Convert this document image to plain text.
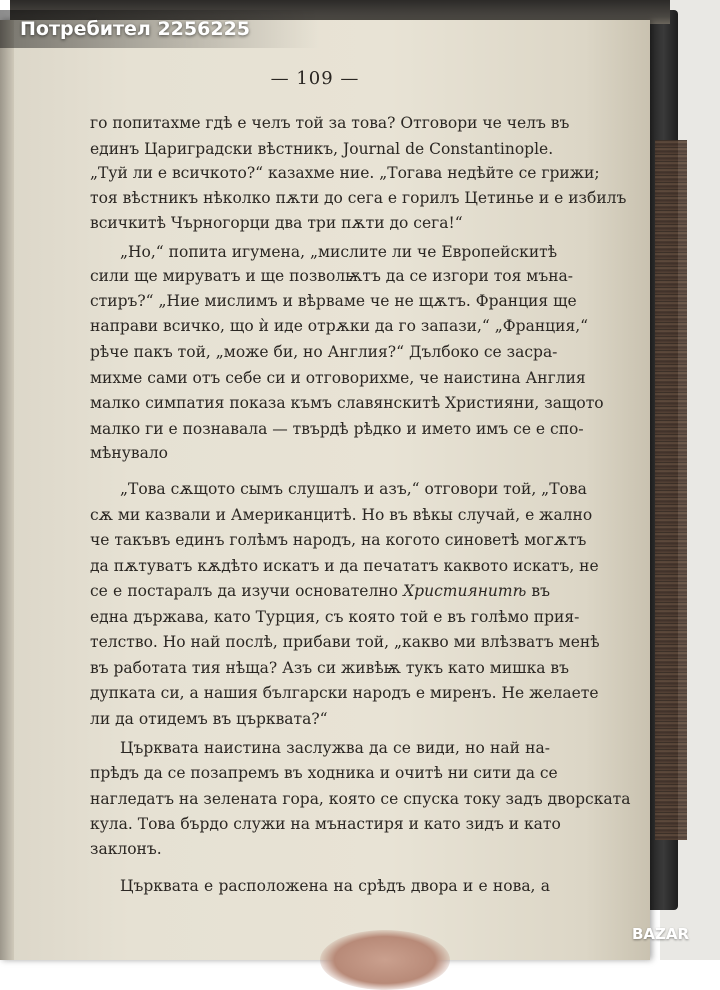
Потребител 2256225
— 109 —
го попитахме гдѣ е челъ той за това? Отговори че челъ въ
единъ Цариградски вѣстникъ, Journal de Constantinople.
„Туй ли е всичкото?“ казахме ние. „Тогава недѣйте се грижи;
тоя вѣстникъ нѣколко пѫти до сега е горилъ Цетинье и е избилъ
всичкитѣ Чърногорци два три пѫти до сега!“
„Но,“ попита игумена, „мислите ли че Европейскитѣ
сили ще мируватъ и ще позволѭтъ да се изгори тоя мъна-
стиръ?“ „Ние мислимъ и вѣрваме че не щѫтъ. Франция ще
направи всичко, що ѝ иде отрѫки да го запази,“ „Франция,“
рѣче пакъ той, „може би, но Англия?“ Дълбоко се засра-
михме сами отъ себе си и отговорихме, че наистина Англия
малко симпатия показа къмъ славянскитѣ Християни, защото
малко ги е познавала — твърдѣ рѣдко и името имъ се е спо-
мѣнувало
„Това сѫщото сымъ слушалъ и азъ,“ отговори той, „Това
сѫ ми казвали и Американцитѣ. Но въ вѣкы случай, е жално
че такъвъ единъ голѣмъ народъ, на когото синоветѣ могѫтъ
да пѫтуватъ кѫдѣто искатъ и да печататъ каквото искатъ, не
се е постаралъ да изучи основателно Християнитѣ въ
една държава, като Турция, съ която той е въ голѣмо прия-
телство. Но най послѣ, прибави той, „какво ми влѣзватъ менѣ
въ работата тия нѣща? Азъ си живѣѭ тукъ като мишка въ
дупката си, а нашия български народъ е миренъ. Не желаете
ли да отидемъ въ църквата?“
Църквата наистина заслужва да се види, но най на-
прѣдъ да се позапремъ въ ходника и очитѣ ни сити да се
нагледатъ на зелената гора, която се спуска току задъ дворската
кула. Това бърдо служи на мънастиря и като зидъ и като
заклонъ.
Църквата е расположена на срѣдъ двора и е нова, а
BAZAR
